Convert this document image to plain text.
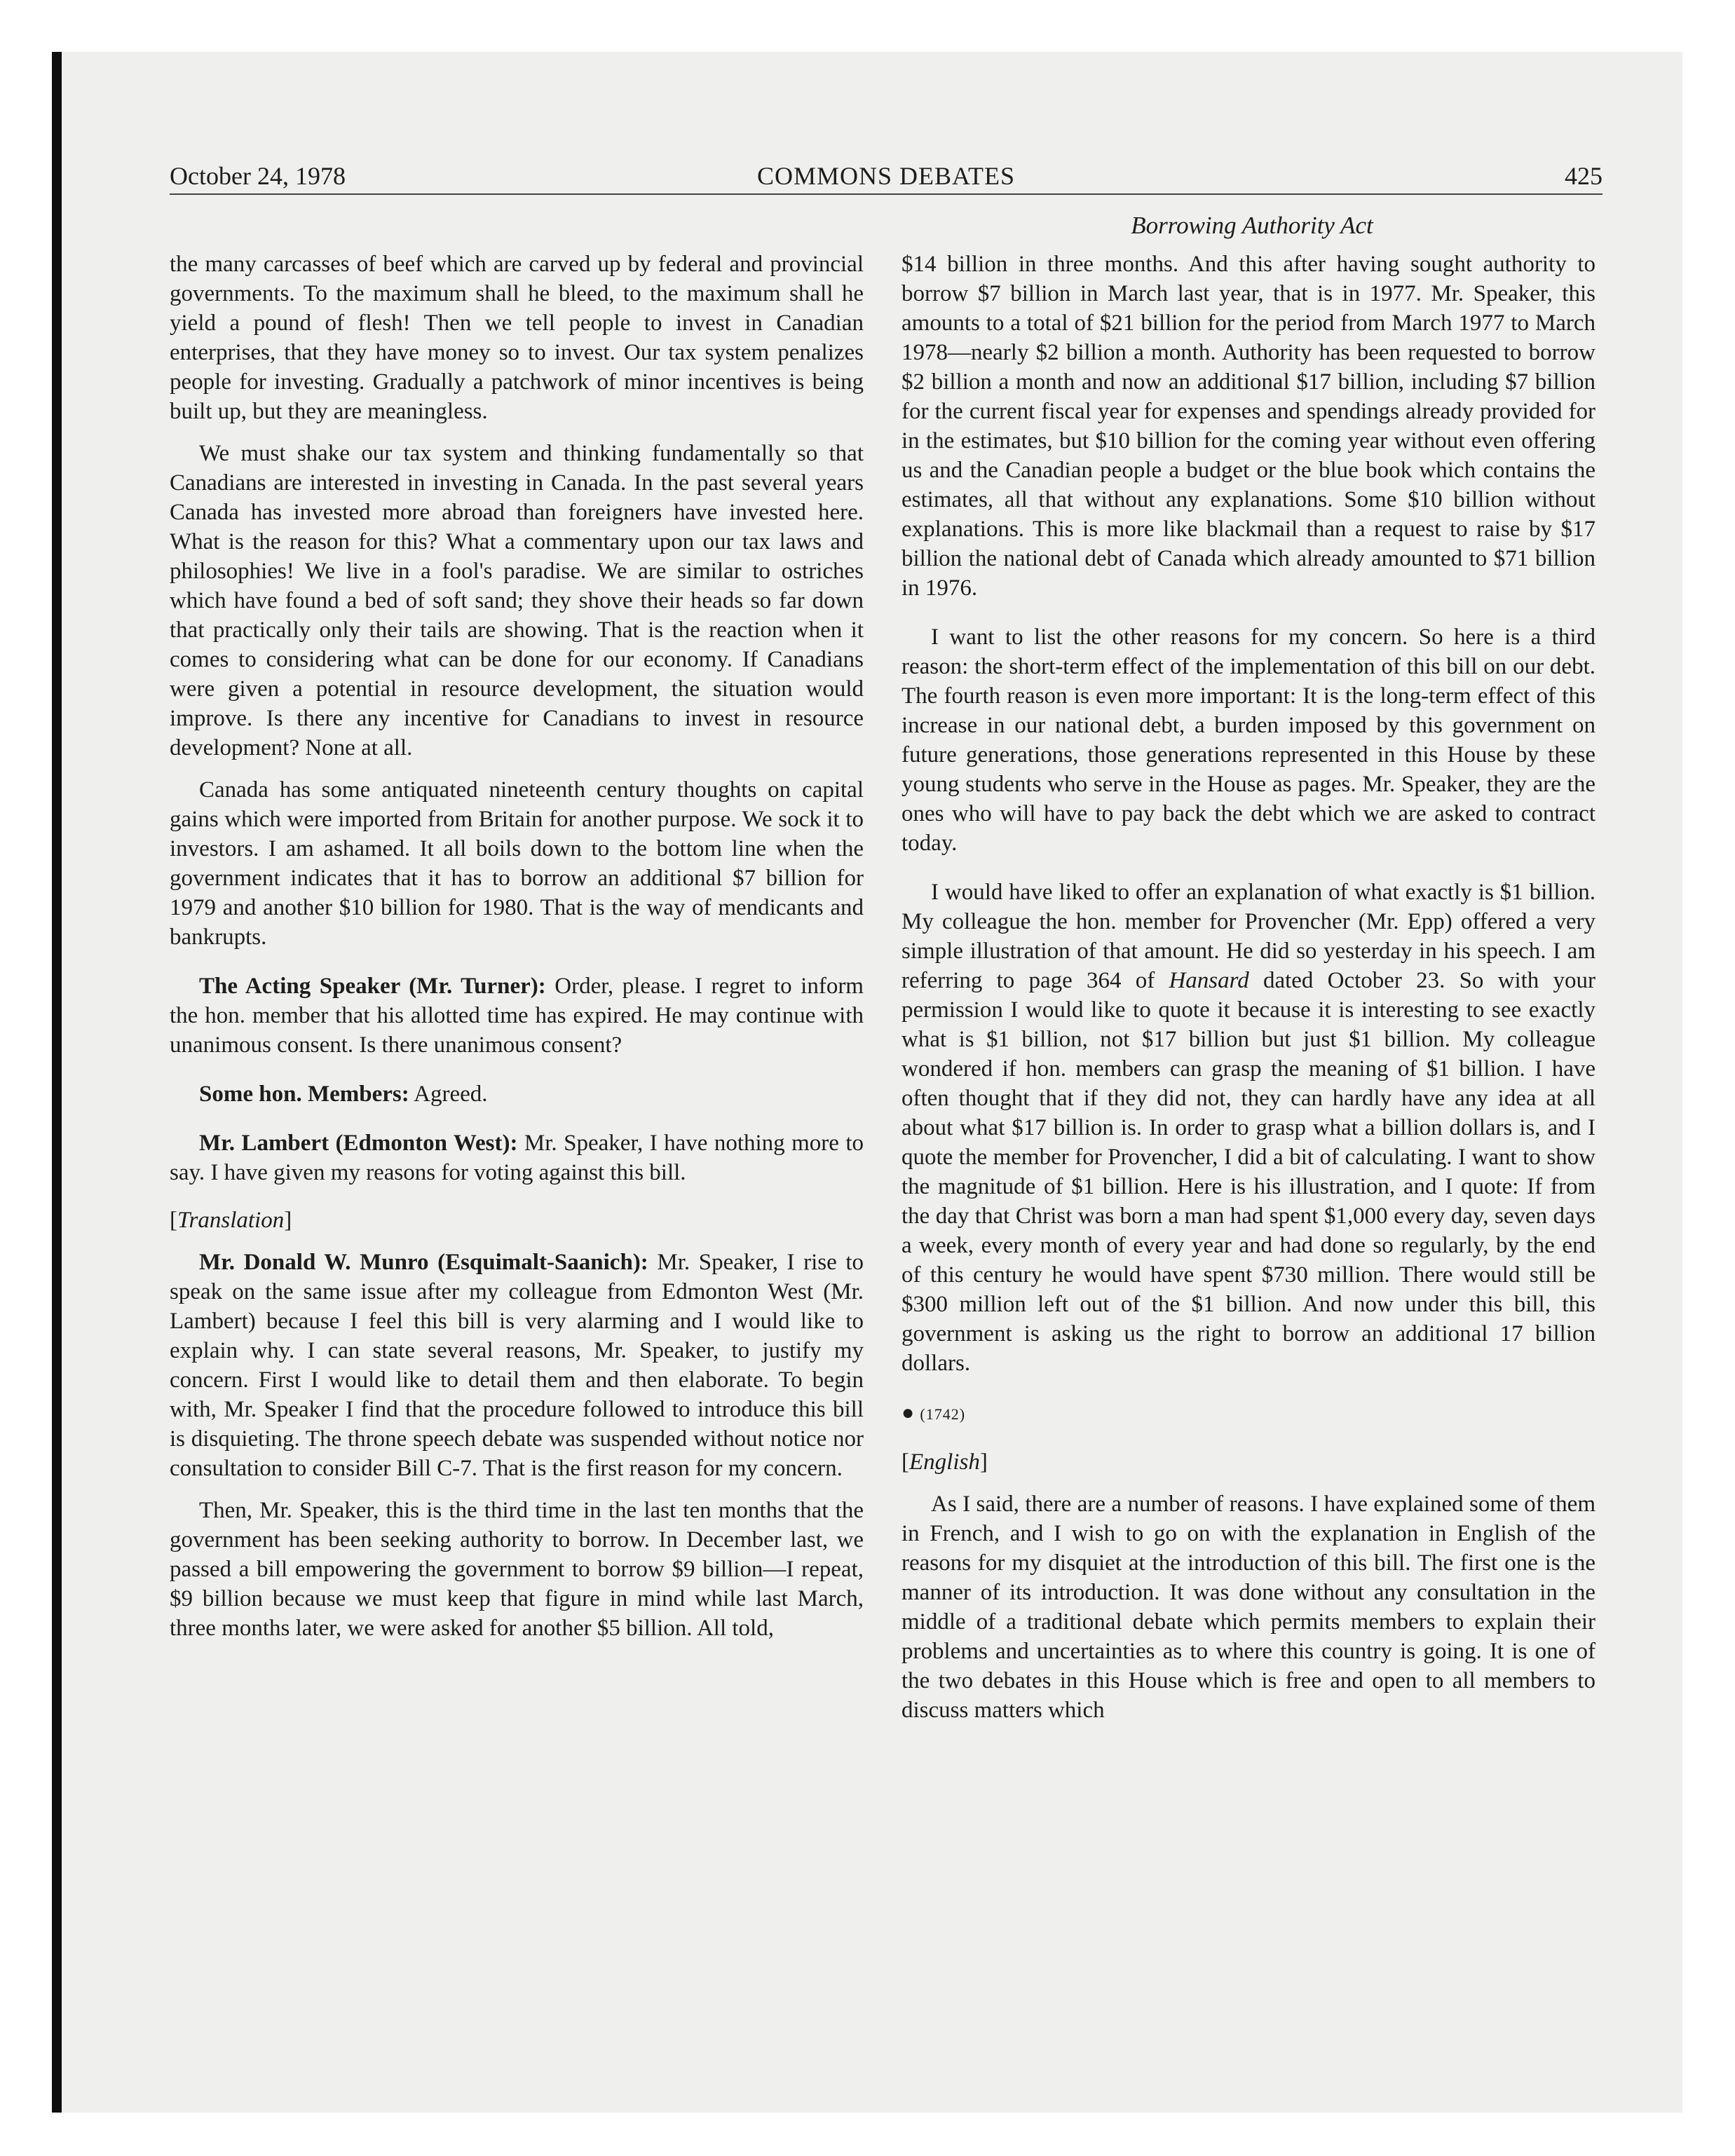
October 24, 1978	COMMONS DEBATES	425
Borrowing Authority Act

the many carcasses of beef which are carved up by federal and provincial governments. To the maximum shall he bleed, to the maximum shall he yield a pound of flesh! Then we tell people to invest in Canadian enterprises, that they have money so to invest. Our tax system penalizes people for investing. Gradually a patchwork of minor incentives is being built up, but they are meaningless.

We must shake our tax system and thinking fundamentally so that Canadians are interested in investing in Canada. In the past several years Canada has invested more abroad than foreigners have invested here. What is the reason for this? What a commentary upon our tax laws and philosophies! We live in a fool's paradise. We are similar to ostriches which have found a bed of soft sand; they shove their heads so far down that practically only their tails are showing. That is the reaction when it comes to considering what can be done for our economy. If Canadians were given a potential in resource development, the situation would improve. Is there any incentive for Canadians to invest in resource development? None at all.

Canada has some antiquated nineteenth century thoughts on capital gains which were imported from Britain for another purpose. We sock it to investors. I am ashamed. It all boils down to the bottom line when the government indicates that it has to borrow an additional $7 billion for 1979 and another $10 billion for 1980. That is the way of mendicants and bankrupts.

The Acting Speaker (Mr. Turner): Order, please. I regret to inform the hon. member that his allotted time has expired. He may continue with unanimous consent. Is there unanimous consent?

Some hon. Members: Agreed.

Mr. Lambert (Edmonton West): Mr. Speaker, I have nothing more to say. I have given my reasons for voting against this bill.

[Translation]

Mr. Donald W. Munro (Esquimalt-Saanich): Mr. Speaker, I rise to speak on the same issue after my colleague from Edmonton West (Mr. Lambert) because I feel this bill is very alarming and I would like to explain why. I can state several reasons, Mr. Speaker, to justify my concern. First I would like to detail them and then elaborate. To begin with, Mr. Speaker I find that the procedure followed to introduce this bill is disquieting. The throne speech debate was suspended without notice nor consultation to consider Bill C-7. That is the first reason for my concern.

Then, Mr. Speaker, this is the third time in the last ten months that the government has been seeking authority to borrow. In December last, we passed a bill empowering the government to borrow $9 billion—I repeat, $9 billion because we must keep that figure in mind while last March, three months later, we were asked for another $5 billion. All told,

$14 billion in three months. And this after having sought authority to borrow $7 billion in March last year, that is in 1977. Mr. Speaker, this amounts to a total of $21 billion for the period from March 1977 to March 1978—nearly $2 billion a month. Authority has been requested to borrow $2 billion a month and now an additional $17 billion, including $7 billion for the current fiscal year for expenses and spendings already provided for in the estimates, but $10 billion for the coming year without even offering us and the Canadian people a budget or the blue book which contains the estimates, all that without any explanations. Some $10 billion without explanations. This is more like blackmail than a request to raise by $17 billion the national debt of Canada which already amounted to $71 billion in 1976.

I want to list the other reasons for my concern. So here is a third reason: the short-term effect of the implementation of this bill on our debt. The fourth reason is even more important: It is the long-term effect of this increase in our national debt, a burden imposed by this government on future generations, those generations represented in this House by these young students who serve in the House as pages. Mr. Speaker, they are the ones who will have to pay back the debt which we are asked to contract today.

I would have liked to offer an explanation of what exactly is $1 billion. My colleague the hon. member for Provencher (Mr. Epp) offered a very simple illustration of that amount. He did so yesterday in his speech. I am referring to page 364 of Hansard dated October 23. So with your permission I would like to quote it because it is interesting to see exactly what is $1 billion, not $17 billion but just $1 billion. My colleague wondered if hon. members can grasp the meaning of $1 billion. I have often thought that if they did not, they can hardly have any idea at all about what $17 billion is. In order to grasp what a billion dollars is, and I quote the member for Provencher, I did a bit of calculating. I want to show the magnitude of $1 billion. Here is his illustration, and I quote: If from the day that Christ was born a man had spent $1,000 every day, seven days a week, every month of every year and had done so regularly, by the end of this century he would have spent $730 million. There would still be $300 million left out of the $1 billion. And now under this bill, this government is asking us the right to borrow an additional 17 billion dollars.

● (1742)

[English]

As I said, there are a number of reasons. I have explained some of them in French, and I wish to go on with the explanation in English of the reasons for my disquiet at the introduction of this bill. The first one is the manner of its introduction. It was done without any consultation in the middle of a traditional debate which permits members to explain their problems and uncertainties as to where this country is going. It is one of the two debates in this House which is free and open to all members to discuss matters which
